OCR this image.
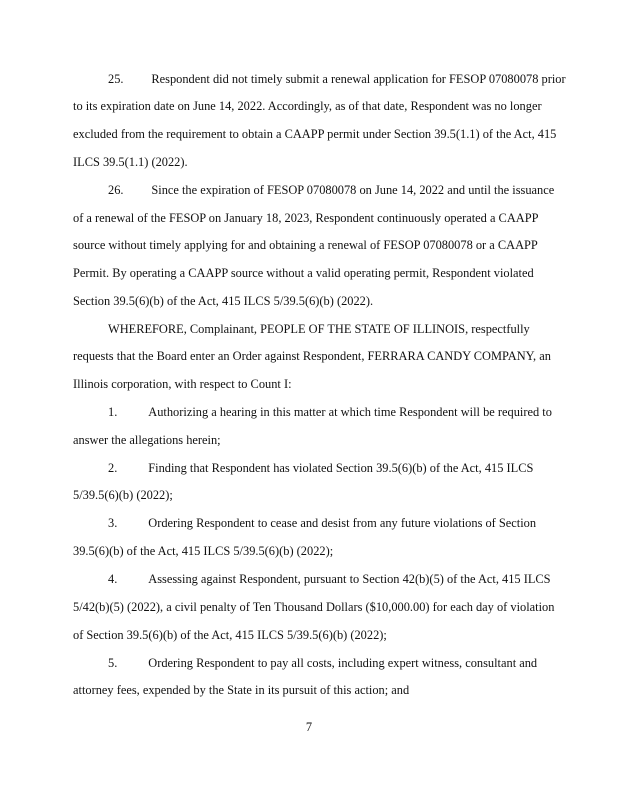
25.         Respondent did not timely submit a renewal application for FESOP 07080078 prior
to its expiration date on June 14, 2022. Accordingly, as of that date, Respondent was no longer
excluded from the requirement to obtain a CAAPP permit under Section 39.5(1.1) of the Act, 415
ILCS 39.5(1.1) (2022).
26.         Since the expiration of FESOP 07080078 on June 14, 2022 and until the issuance
of a renewal of the FESOP on January 18, 2023, Respondent continuously operated a CAAPP
source without timely applying for and obtaining a renewal of FESOP 07080078 or a CAAPP
Permit. By operating a CAAPP source without a valid operating permit, Respondent violated
Section 39.5(6)(b) of the Act, 415 ILCS 5/39.5(6)(b) (2022).
WHEREFORE, Complainant, PEOPLE OF THE STATE OF ILLINOIS, respectfully
requests that the Board enter an Order against Respondent, FERRARA CANDY COMPANY, an
Illinois corporation, with respect to Count I:
1.          Authorizing a hearing in this matter at which time Respondent will be required to
answer the allegations herein;
2.          Finding that Respondent has violated Section 39.5(6)(b) of the Act, 415 ILCS
5/39.5(6)(b) (2022);
3.          Ordering Respondent to cease and desist from any future violations of Section
39.5(6)(b) of the Act, 415 ILCS 5/39.5(6)(b) (2022);
4.          Assessing against Respondent, pursuant to Section 42(b)(5) of the Act, 415 ILCS
5/42(b)(5) (2022), a civil penalty of Ten Thousand Dollars ($10,000.00) for each day of violation
of Section 39.5(6)(b) of the Act, 415 ILCS 5/39.5(6)(b) (2022);
5.          Ordering Respondent to pay all costs, including expert witness, consultant and
attorney fees, expended by the State in its pursuit of this action; and
7
